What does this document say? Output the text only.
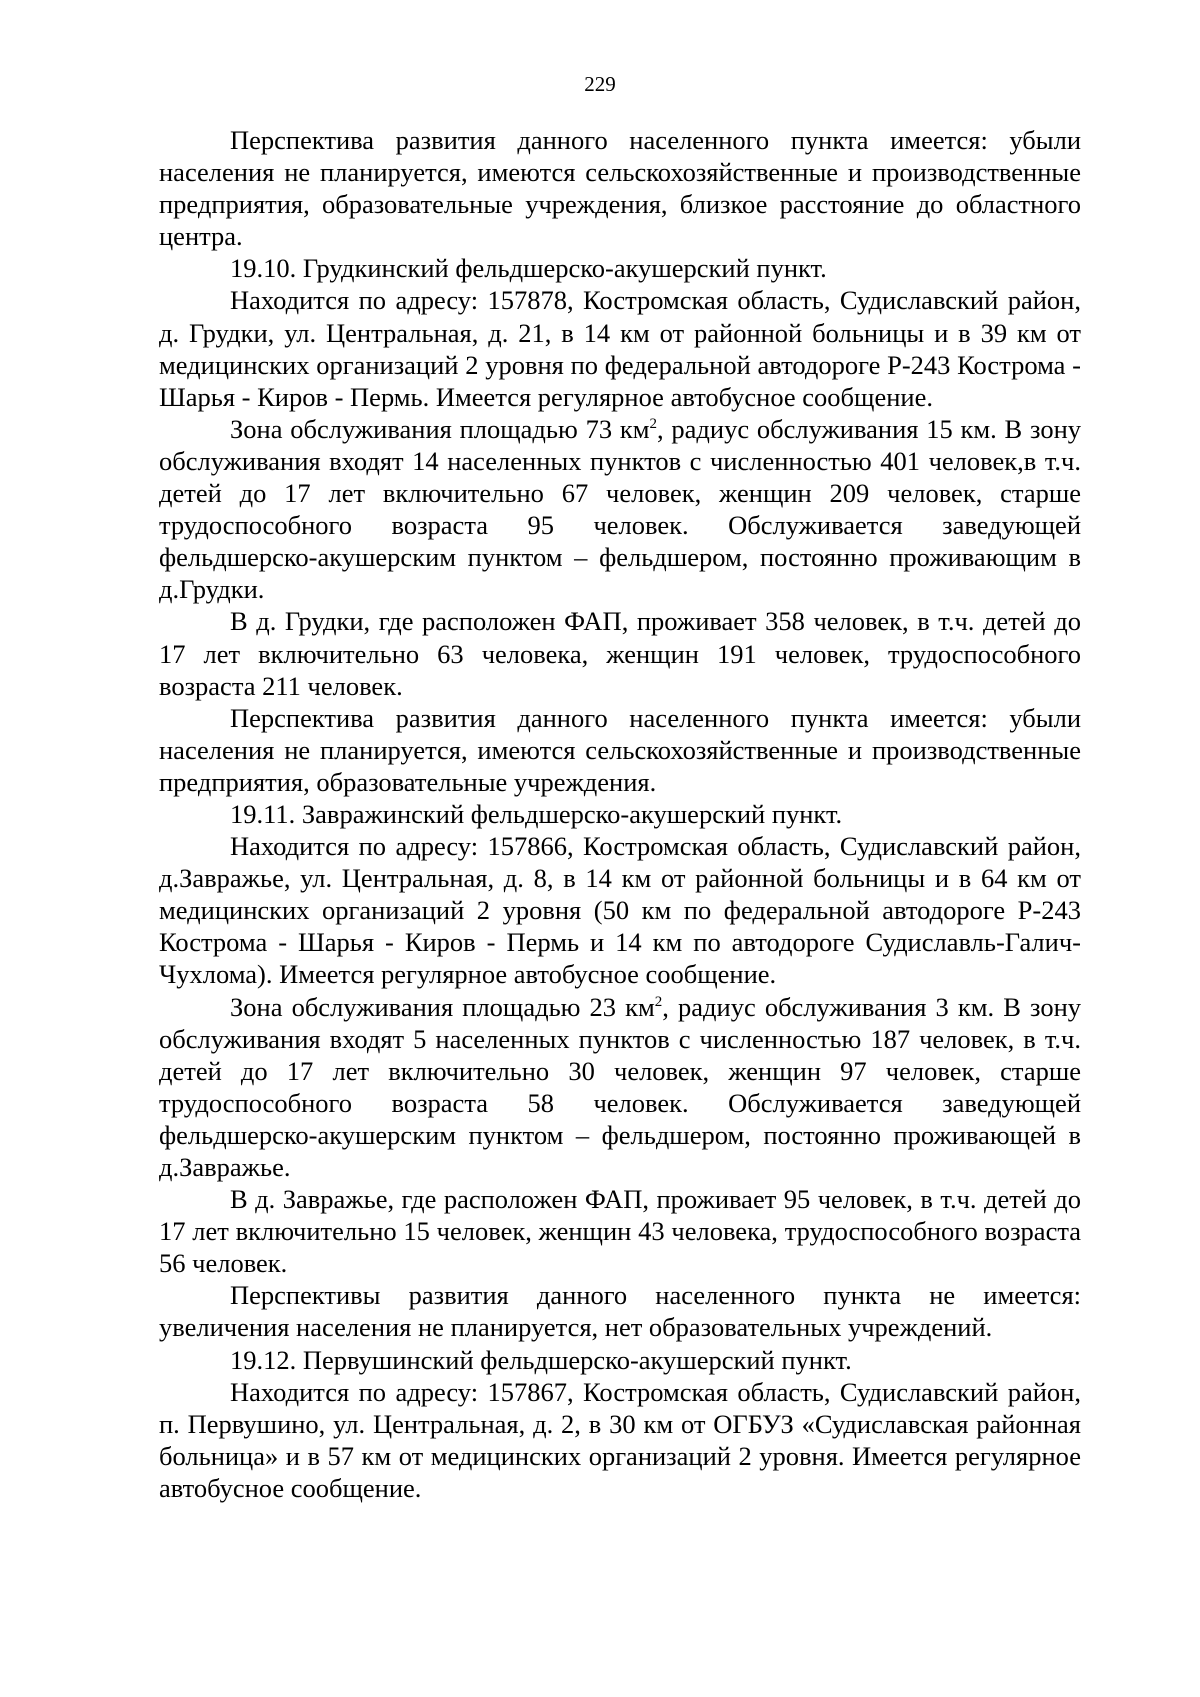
229

Перспектива развития данного населенного пункта имеется: убыли населения не планируется, имеются сельскохозяйственные и производственные предприятия, образовательные учреждения, близкое расстояние до областного центра.

19.10. Грудкинский фельдшерско-акушерский пункт.

Находится по адресу: 157878, Костромская область, Судиславский район, д. Грудки, ул. Центральная, д. 21, в 14 км от районной больницы и в 39 км от медицинских организаций 2 уровня по федеральной автодороге Р-243 Кострома - Шарья - Киров - Пермь. Имеется регулярное автобусное сообщение.

Зона обслуживания площадью 73 $км^2$, радиус обслуживания 15 км. В зону обслуживания входят 14 населенных пунктов с численностью 401 человек,в т.ч. детей до 17 лет включительно 67 человек, женщин 209 человек, старше трудоспособного возраста 95 человек. Обслуживается заведующей фельдшерско-акушерским пунктом – фельдшером, постоянно проживающим в д.Грудки.

В д. Грудки, где расположен ФАП, проживает 358 человек, в т.ч. детей до 17 лет включительно 63 человека, женщин 191 человек, трудоспособного возраста 211 человек.

Перспектива развития данного населенного пункта имеется: убыли населения не планируется, имеются сельскохозяйственные и производственные предприятия, образовательные учреждения.

19.11. Завражинский фельдшерско-акушерский пункт.

Находится по адресу: 157866, Костромская область, Судиславский район, д.Завражье, ул. Центральная, д. 8, в 14 км от районной больницы и в 64 км от медицинских организаций 2 уровня (50 км по федеральной автодороге Р-243 Кострома - Шарья - Киров - Пермь и 14 км по автодороге Судиславль-Галич-Чухлома). Имеется регулярное автобусное сообщение.

Зона обслуживания площадью 23 $км^2$, радиус обслуживания 3 км. В зону обслуживания входят 5 населенных пунктов с численностью 187 человек, в т.ч. детей до 17 лет включительно 30 человек, женщин 97 человек, старше трудоспособного возраста 58 человек. Обслуживается заведующей фельдшерско-акушерским пунктом – фельдшером, постоянно проживающей в д.Завражье.

В д. Завражье, где расположен ФАП, проживает 95 человек, в т.ч. детей до 17 лет включительно 15 человек, женщин 43 человека, трудоспособного возраста 56 человек.

Перспективы развития данного населенного пункта не имеется: увеличения населения не планируется, нет образовательных учреждений.

19.12. Первушинский фельдшерско-акушерский пункт.

Находится по адресу: 157867, Костромская область, Судиславский район, п. Первушино, ул. Центральная, д. 2, в 30 км от ОГБУЗ «Судиславская районная больница» и в 57 км от медицинских организаций 2 уровня. Имеется регулярное автобусное сообщение.
